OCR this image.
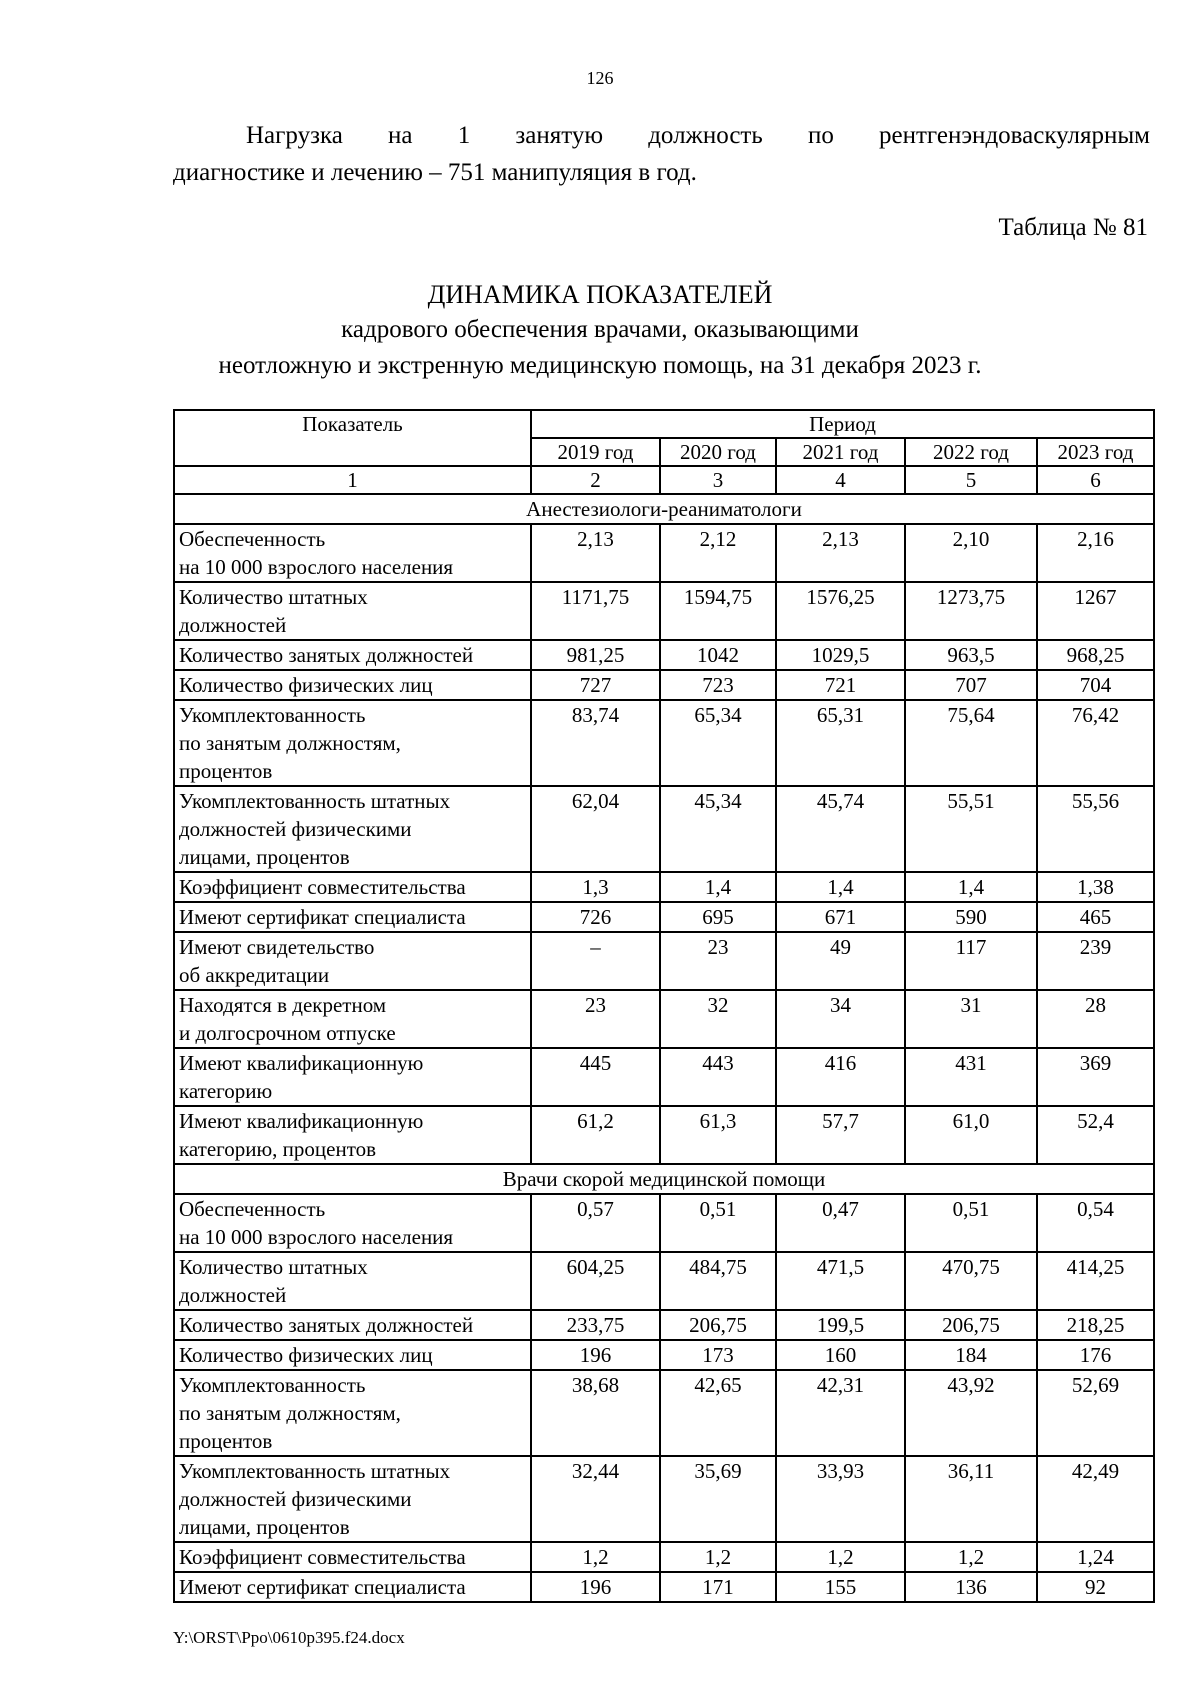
126
Нагрузка на 1 занятую должность по рентгенэндоваскулярным
диагностике и лечению – 751 манипуляция в год.
Таблица № 81
ДИНАМИКА ПОКАЗАТЕЛЕЙ
кадрового обеспечения врачами, оказывающими
неотложную и экстренную медицинскую помощь, на 31 декабря 2023 г.
Показатель	Период				
	2019 год	2020 год	2021 год	2022 год	2023 год
1	2	3	4	5	6
Анестезиологи-реаниматологи					
Обеспеченность
на 10 000 взрослого населения	2,13	2,12	2,13	2,10	2,16
Количество штатных
должностей	1171,75	1594,75	1576,25	1273,75	1267
Количество занятых должностей	981,25	1042	1029,5	963,5	968,25
Количество физических лиц	727	723	721	707	704
Укомплектованность
по занятым должностям,
процентов	83,74	65,34	65,31	75,64	76,42
Укомплектованность штатных
должностей физическими
лицами, процентов	62,04	45,34	45,74	55,51	55,56
Коэффициент совместительства	1,3	1,4	1,4	1,4	1,38
Имеют сертификат специалиста	726	695	671	590	465
Имеют свидетельство
об аккредитации	–	23	49	117	239
Находятся в декретном
и долгосрочном отпуске	23	32	34	31	28
Имеют квалификационную
категорию	445	443	416	431	369
Имеют квалификационную
категорию, процентов	61,2	61,3	57,7	61,0	52,4
Врачи скорой медицинской помощи					
Обеспеченность
на 10 000 взрослого населения	0,57	0,51	0,47	0,51	0,54
Количество штатных
должностей	604,25	484,75	471,5	470,75	414,25
Количество занятых должностей	233,75	206,75	199,5	206,75	218,25
Количество физических лиц	196	173	160	184	176
Укомплектованность
по занятым должностям,
процентов	38,68	42,65	42,31	43,92	52,69
Укомплектованность штатных
должностей физическими
лицами, процентов	32,44	35,69	33,93	36,11	42,49
Коэффициент совместительства	1,2	1,2	1,2	1,2	1,24
Имеют сертификат специалиста	196	171	155	136	92
Y:\ORST\Ppo\0610p395.f24.docx
